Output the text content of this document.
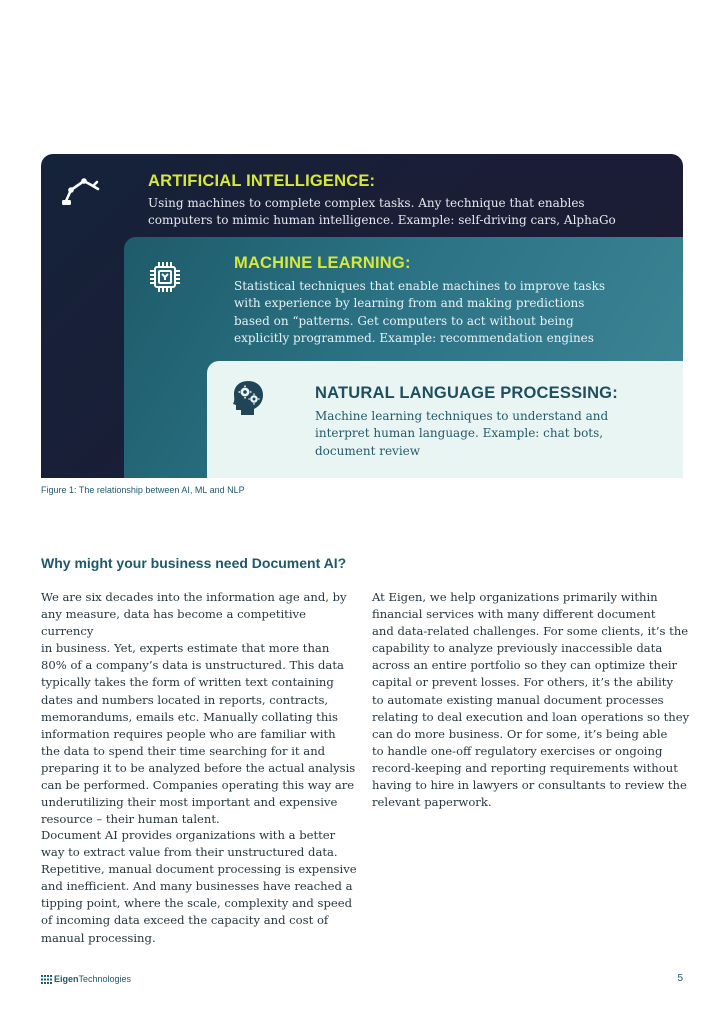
ARTIFICIAL INTELLIGENCE:
Using machines to complete complex tasks. Any technique that enables computers to mimic human intelligence. Example: self-driving cars, AlphaGo
MACHINE LEARNING:
Statistical techniques that enable machines to improve tasks with experience by learning from and making predictions based on “patterns. Get computers to act without being explicitly programmed. Example: recommendation engines
NATURAL LANGUAGE PROCESSING:
Machine learning techniques to understand and interpret human language. Example: chat bots, document review
Figure 1: The relationship between AI, ML and NLP
Why might your business need Document AI?

We are six decades into the information age and, by
any measure, data has become a competitive currency
in business. Yet, experts estimate that more than
80% of a company’s data is unstructured. This data
typically takes the form of written text containing
dates and numbers located in reports, contracts,
memorandums, emails etc. Manually collating this
information requires people who are familiar with
the data to spend their time searching for it and
preparing it to be analyzed before the actual analysis
can be performed. Companies operating this way are
underutilizing their most important and expensive
resource – their human talent.

Document AI provides organizations with a better
way to extract value from their unstructured data.
Repetitive, manual document processing is expensive
and inefficient. And many businesses have reached a
tipping point, where the scale, complexity and speed
of incoming data exceed the capacity and cost of
manual processing.

At Eigen, we help organizations primarily within
financial services with many different document
and data-related challenges. For some clients, it’s the
capability to analyze previously inaccessible data
across an entire portfolio so they can optimize their
capital or prevent losses. For others, it’s the ability
to automate existing manual document processes
relating to deal execution and loan operations so they
can do more business. Or for some, it’s being able
to handle one-off regulatory exercises or ongoing
record-keeping and reporting requirements without
having to hire in lawyers or consultants to review the
relevant paperwork.

Eigen Technologies	5
